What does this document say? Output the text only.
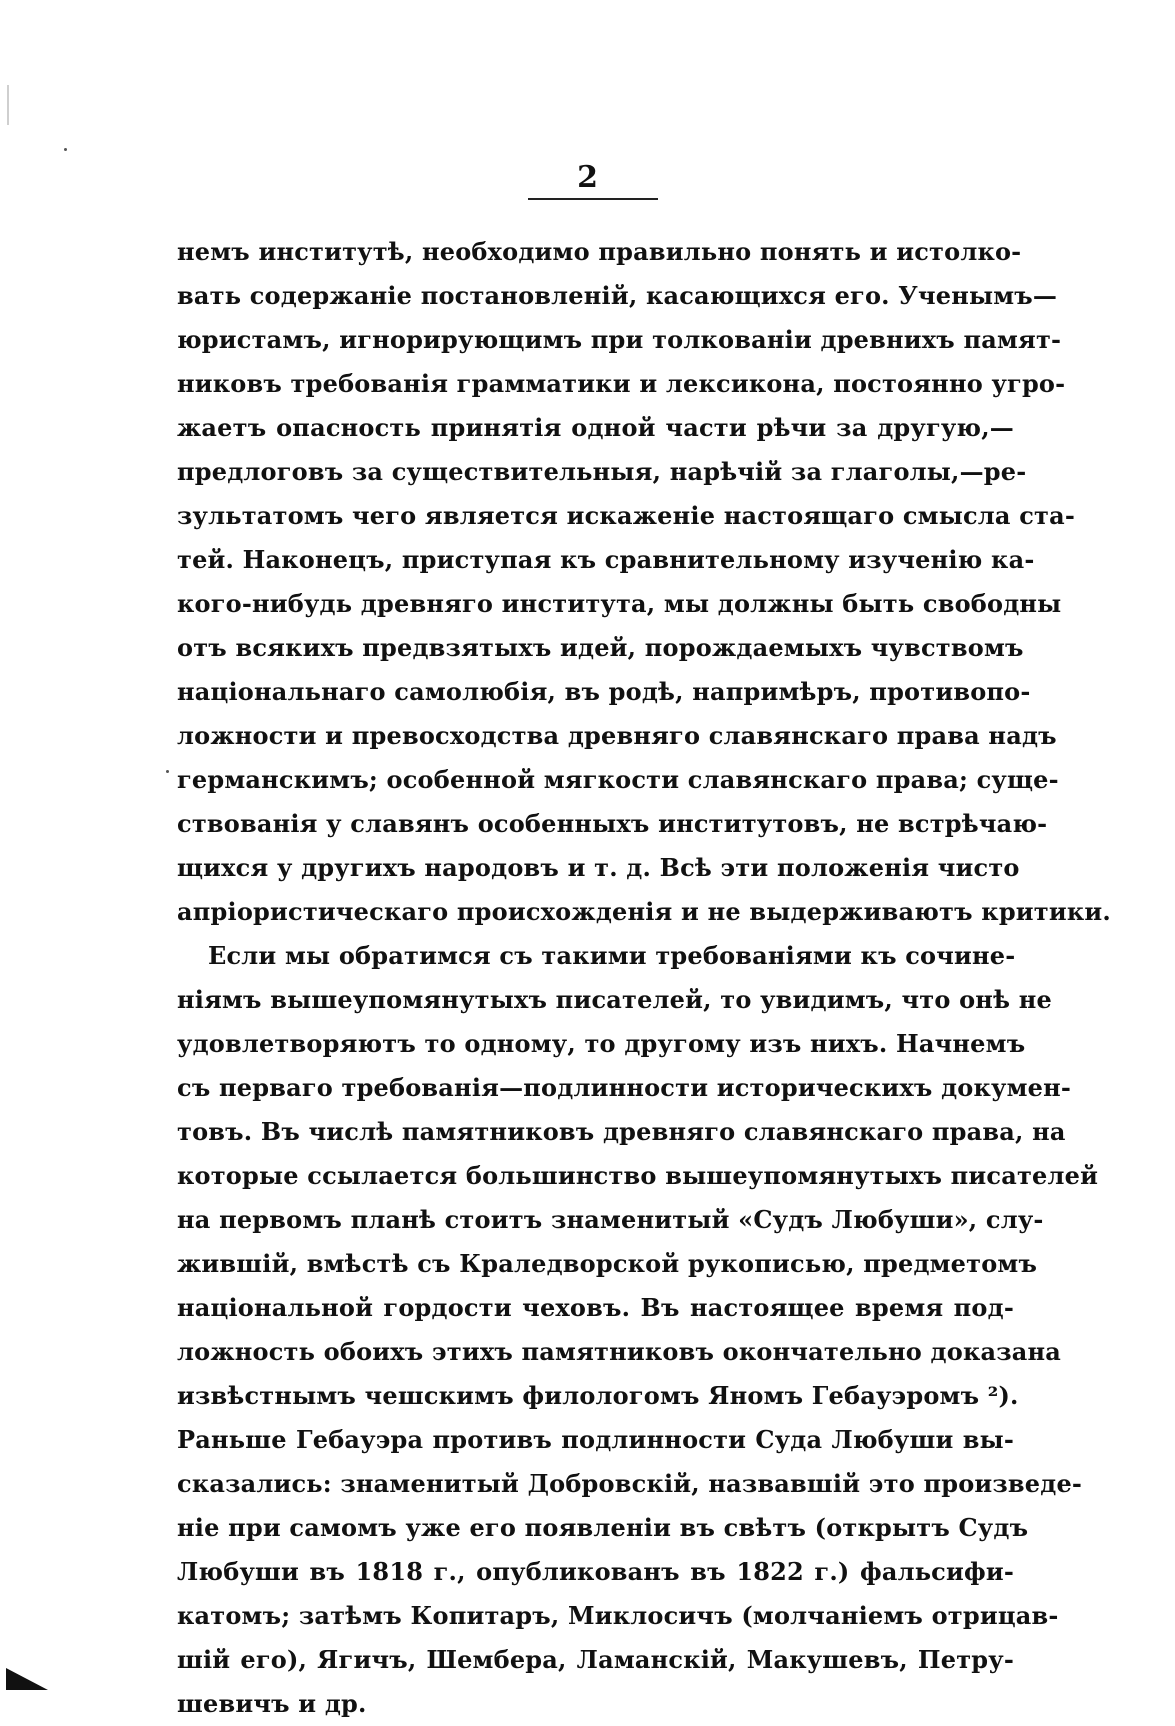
2
немъ институтѣ, необходимо правильно понять и истолко-
вать содержаніе постановленій, касающихся его. Ученымъ—
юристамъ, игнорирующимъ при толкованіи древнихъ памят-
никовъ требованія грамматики и лексикона, постоянно угро-
жаетъ опасность принятія одной части рѣчи за другую,—
предлоговъ за существительныя, нарѣчій за глаголы,—ре-
зультатомъ чего является искаженіе настоящаго смысла ста-
тей. Наконецъ, приступая къ сравнительному изученію ка-
кого-нибудь древняго института, мы должны быть свободны
отъ всякихъ предвзятыхъ идей, порождаемыхъ чувствомъ
національнаго самолюбія, въ родѣ, напримѣръ, противопо-
ложности и превосходства древняго славянскаго права надъ
германскимъ; особенной мягкости славянскаго права; суще-
ствованія у славянъ особенныхъ институтовъ, не встрѣчаю-
щихся у другихъ народовъ и т. д. Всѣ эти положенія чисто
апріористическаго происхожденія и не выдерживаютъ критики.
Если мы обратимся съ такими требованіями къ сочине-
ніямъ вышеупомянутыхъ писателей, то увидимъ, что онѣ не
удовлетворяютъ то одному, то другому изъ нихъ. Начнемъ
съ перваго требованія—подлинности историческихъ докумен-
товъ. Въ числѣ памятниковъ древняго славянскаго права, на
которые ссылается большинство вышеупомянутыхъ писателей
на первомъ планѣ стоитъ знаменитый «Судъ Любуши», слу-
жившій, вмѣстѣ съ Краледворской рукописью, предметомъ
національной гордости чеховъ. Въ настоящее время под-
ложность обоихъ этихъ памятниковъ окончательно доказана
извѣстнымъ чешскимъ филологомъ Яномъ Гебауэромъ ²).
Раньше Гебауэра противъ подлинности Суда Любуши вы-
сказались: знаменитый Добровскій, назвавшій это произведе-
ніе при самомъ уже его появленіи въ свѣтъ (открытъ Судъ
Любуши въ 1818 г., опубликованъ въ 1822 г.) фальсифи-
катомъ; затѣмъ Копитаръ, Миклосичъ (молчаніемъ отрицав-
шій его), Ягичъ, Шембера, Ламанскій, Макушевъ, Петру-
шевичъ и др.
